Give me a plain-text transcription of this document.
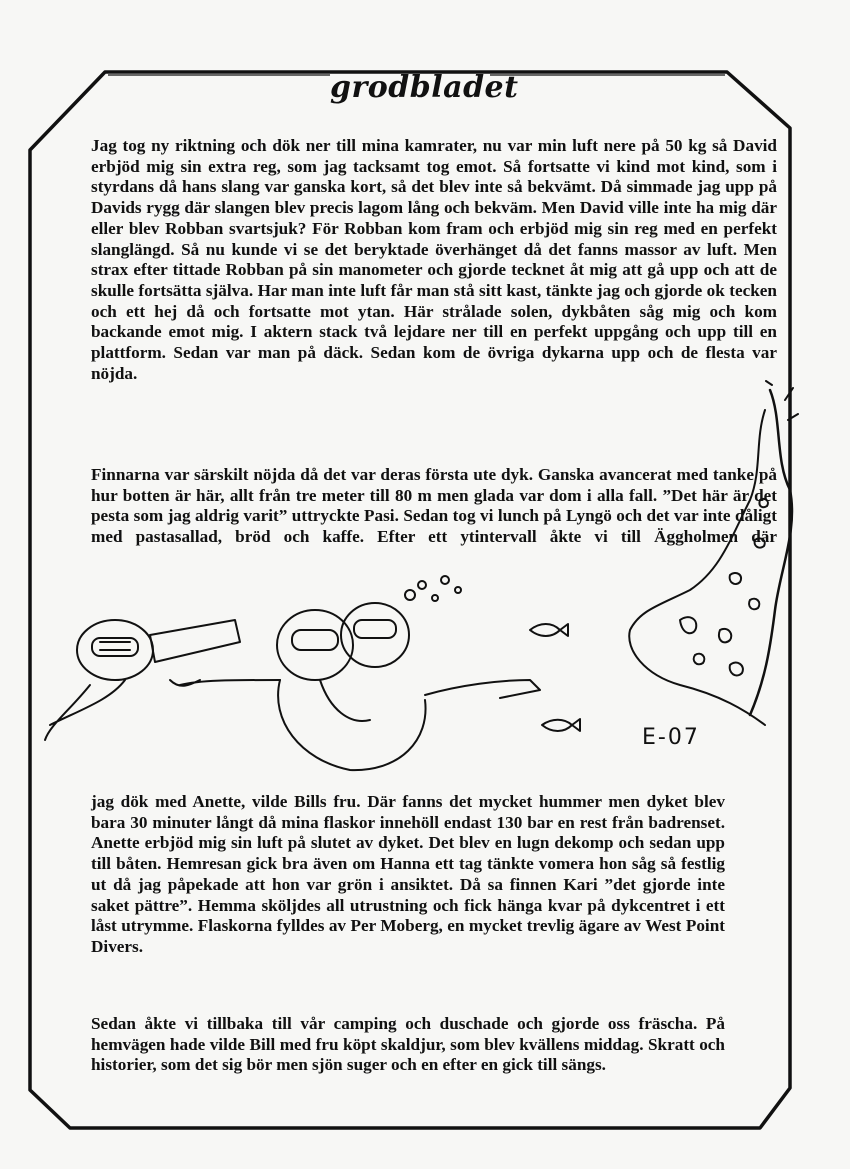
grodbladet

Jag tog ny riktning och dök ner till mina kamrater, nu var min luft nere på 50 kg så David erbjöd mig sin extra reg, som jag tacksamt tog emot. Så fortsatte vi kind mot kind, som i styrdans då hans slang var ganska kort, så det blev inte så bekvämt. Då simmade jag upp på Davids rygg där slangen blev precis lagom lång och bekväm. Men David ville inte ha mig där eller blev Robban svartsjuk? För Robban kom fram och erbjöd mig sin reg med en perfekt slanglängd. Så nu kunde vi se det beryktade överhänget då det fanns massor av luft. Men strax efter tittade Robban på sin manometer och gjorde tecknet åt mig att gå upp och att de skulle fortsätta själva. Har man inte luft får man stå sitt kast, tänkte jag och gjorde ok tecken och ett hej då och fortsatte mot ytan. Här strålade solen, dykbåten såg mig och kom backande emot mig. I aktern stack två lejdare ner till en perfekt uppgång och upp till en plattform. Sedan var man på däck. Sedan kom de övriga dykarna upp och de flesta var nöjda.

Finnarna var särskilt nöjda då det var deras första ute dyk. Ganska avancerat med tanke på hur botten är här, allt från tre meter till 80 m men glada var dom i alla fall. ”Det här är det pesta som jag aldrig varit” uttryckte Pasi. Sedan tog vi lunch på Lyngö och det var inte dåligt med pastasallad, bröd och kaffe. Efter ett ytintervall åkte vi till Äggholmen där

E-07

jag dök med Anette, vilde Bills fru. Där fanns det mycket hummer men dyket blev bara 30 minuter långt då mina flaskor innehöll endast 130 bar en rest från badrenset. Anette erbjöd mig sin luft på slutet av dyket. Det blev en lugn dekomp och sedan upp till båten. Hemresan gick bra även om Hanna ett tag tänkte vomera hon såg så festlig ut då jag påpekade att hon var grön i ansiktet. Då sa finnen Kari ”det gjorde inte saket pättre”. Hemma sköljdes all utrustning och fick hänga kvar på dykcentret i ett låst utrymme. Flaskorna fylldes av Per Moberg, en mycket trevlig ägare av West Point Divers.

Sedan åkte vi tillbaka till vår camping och duschade och gjorde oss fräscha. På hemvägen hade vilde Bill med fru köpt skaldjur, som blev kvällens middag. Skratt och historier, som det sig bör men sjön suger och en efter en gick till sängs.
